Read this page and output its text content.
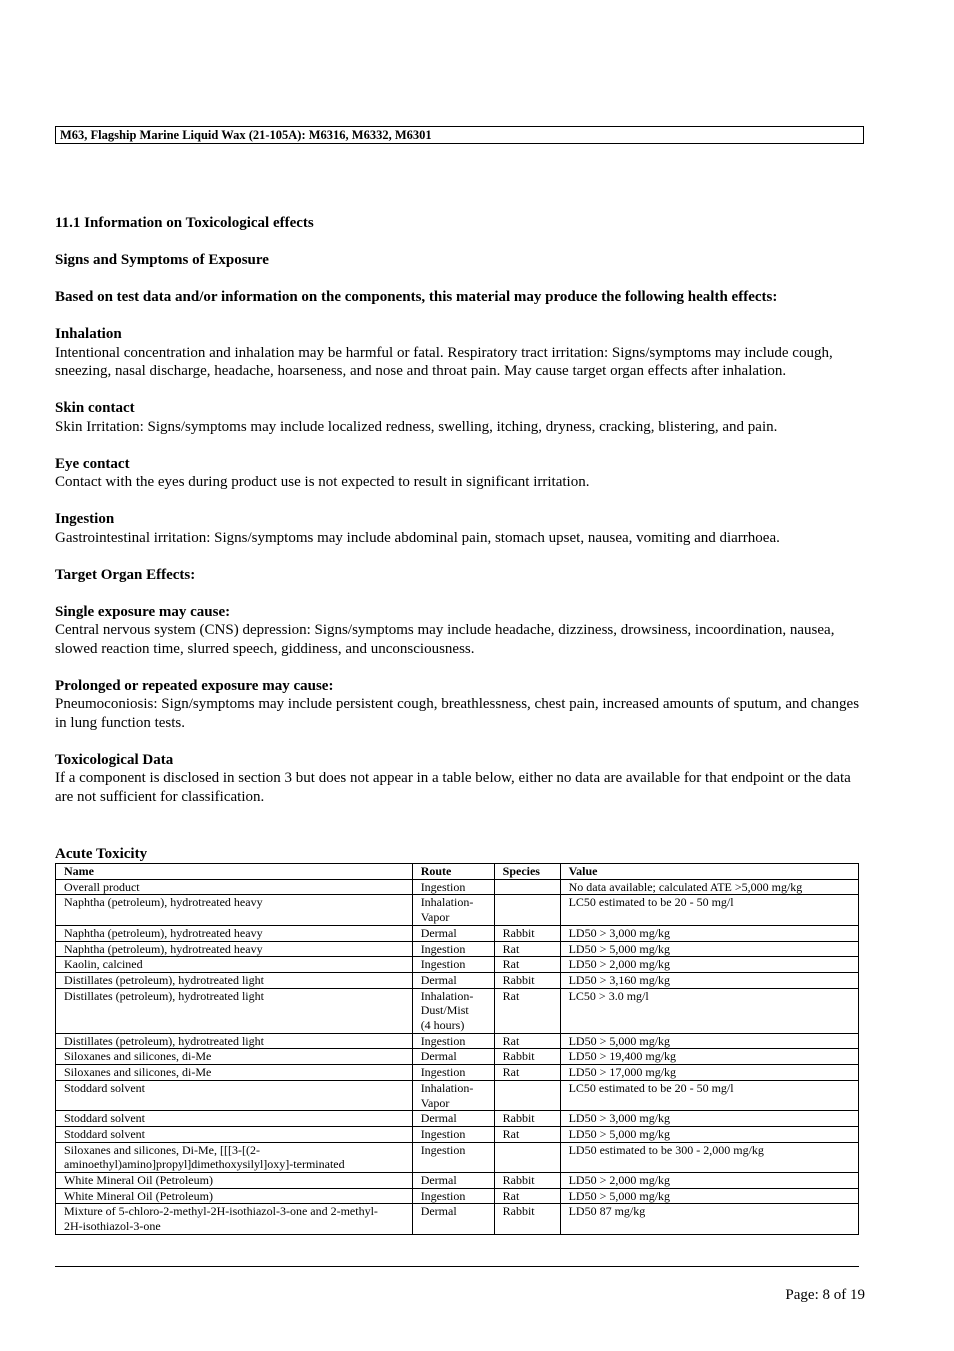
M63, Flagship Marine Liquid Wax (21-105A): M6316, M6332, M6301

11.1 Information on Toxicological effects

Signs and Symptoms of Exposure

Based on test data and/or information on the components, this material may produce the following health effects:

Inhalation

Intentional concentration and inhalation may be harmful or fatal. Respiratory tract irritation: Signs/symptoms may include cough, sneezing, nasal discharge, headache, hoarseness, and nose and throat pain. May cause target organ effects after inhalation.

Skin contact

Skin Irritation: Signs/symptoms may include localized redness, swelling, itching, dryness, cracking, blistering, and pain.

Eye contact

Contact with the eyes during product use is not expected to result in significant irritation.

Ingestion

Gastrointestinal irritation: Signs/symptoms may include abdominal pain, stomach upset, nausea, vomiting and diarrhoea.

Target Organ Effects:

Single exposure may cause:

Central nervous system (CNS) depression: Signs/symptoms may include headache, dizziness, drowsiness, incoordination, nausea, slowed reaction time, slurred speech, giddiness, and unconsciousness.

Prolonged or repeated exposure may cause:

Pneumoconiosis: Sign/symptoms may include persistent cough, breathlessness, chest pain, increased amounts of sputum, and changes in lung function tests.

Toxicological Data

If a component is disclosed in section 3 but does not appear in a table below, either no data are available for that endpoint or the data are not sufficient for classification.

Acute Toxicity
Name	Route	Species	Value
Overall product	Ingestion		No data available; calculated ATE >5,000 mg/kg
Naphtha (petroleum), hydrotreated heavy	Inhalation-
Vapor		LC50 estimated to be 20 - 50 mg/l
Naphtha (petroleum), hydrotreated heavy	Dermal	Rabbit	LD50 > 3,000 mg/kg
Naphtha (petroleum), hydrotreated heavy	Ingestion	Rat	LD50 > 5,000 mg/kg
Kaolin, calcined	Ingestion	Rat	LD50 > 2,000 mg/kg
Distillates (petroleum), hydrotreated light	Dermal	Rabbit	LD50 > 3,160 mg/kg
Distillates (petroleum), hydrotreated light	Inhalation-
Dust/Mist
(4 hours)	Rat	LC50 > 3.0 mg/l
Distillates (petroleum), hydrotreated light	Ingestion	Rat	LD50 > 5,000 mg/kg
Siloxanes and silicones, di-Me	Dermal	Rabbit	LD50 > 19,400 mg/kg
Siloxanes and silicones, di-Me	Ingestion	Rat	LD50 > 17,000 mg/kg
Stoddard solvent	Inhalation-
Vapor		LC50 estimated to be 20 - 50 mg/l
Stoddard solvent	Dermal	Rabbit	LD50 > 3,000 mg/kg
Stoddard solvent	Ingestion	Rat	LD50 > 5,000 mg/kg
Siloxanes and silicones, Di-Me, [[[3-[(2-
aminoethyl)amino]propyl]dimethoxysilyl]oxy]-terminated	Ingestion		LD50 estimated to be 300 - 2,000 mg/kg
White Mineral Oil (Petroleum)	Dermal	Rabbit	LD50 > 2,000 mg/kg
White Mineral Oil (Petroleum)	Ingestion	Rat	LD50 > 5,000 mg/kg
Mixture of 5-chloro-2-methyl-2H-isothiazol-3-one and 2-methyl-
2H-isothiazol-3-one	Dermal	Rabbit	LD50 87 mg/kg
Page: 8 of 19
